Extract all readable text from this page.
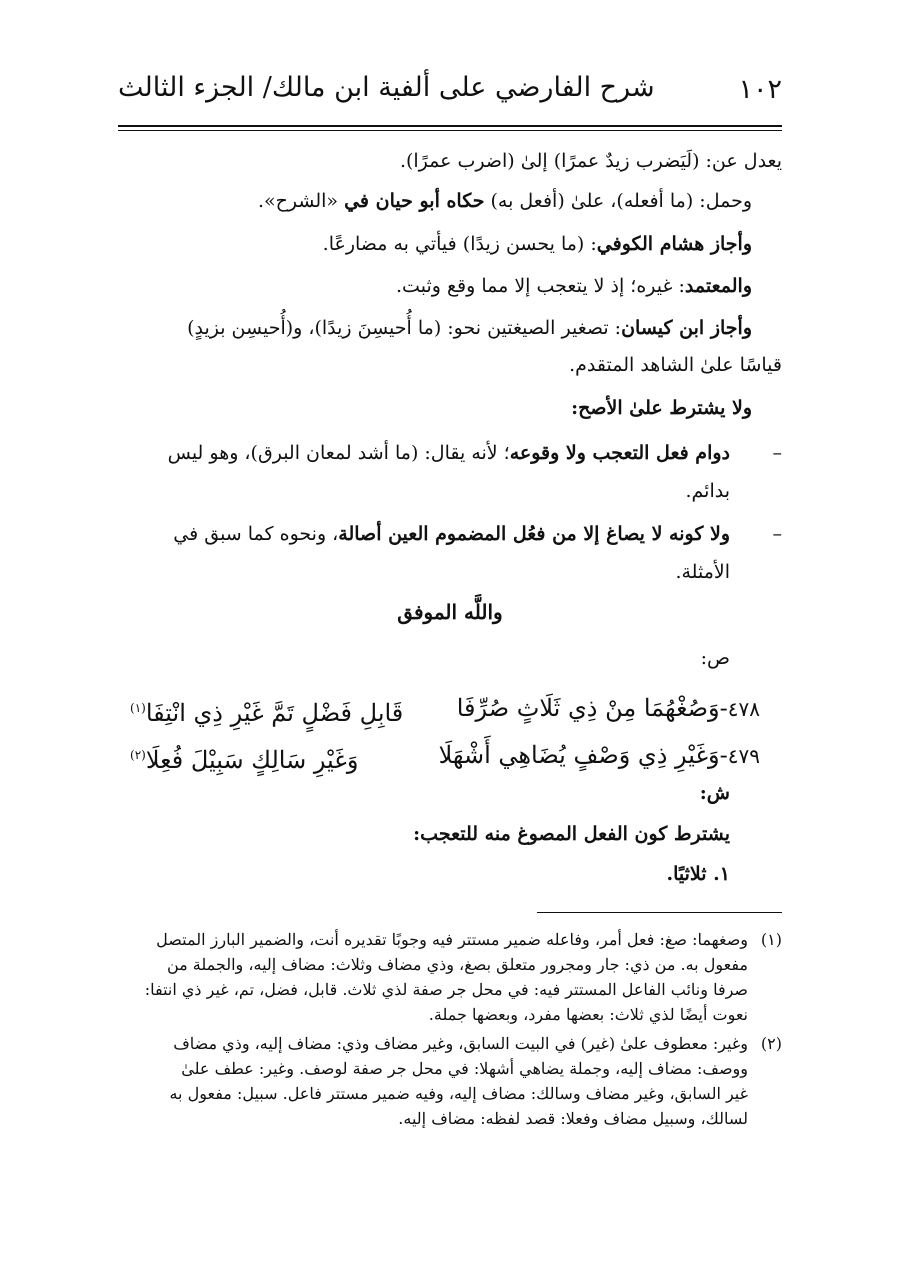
١٠٢
شرح الفارضي على ألفية ابن مالك/ الجزء الثالث
يعدل عن: (لَيَضرب زيدٌ عمرًا) إلىٰ (اضرب عمرًا).
وحمل: (ما أفعله)، علىٰ (أفعل به) حكاه أبو حيان في «الشرح».
وأجاز هشام الكوفي: (ما يحسن زيدًا) فيأتي به مضارعًا.
والمعتمد: غيره؛ إذ لا يتعجب إلا مما وقع وثبت.
وأجاز ابن كيسان: تصغير الصيغتين نحو: (ما أُحيسِنَ زيدًا)، و(أُحيسِن بزيدٍ)
قياسًا علىٰ الشاهد المتقدم.
ولا يشترط علىٰ الأصح:
–
دوام فعل التعجب ولا وقوعه؛ لأنه يقال: (ما أشد لمعان البرق)، وهو ليس
بدائم.
–
ولا كونه لا يصاغ إلا من فعُل المضموم العين أصالة، ونحوه كما سبق في
الأمثلة.
واللَّه الموفق
ص:
٤٧٨-وَصُغْهُمَا مِنْ ذِي ثَلَاثٍ صُرِّفَا
قَابِلِ فَضْلٍ تَمَّ غَيْرِ ذِي انْتِفَا$^{(١)}$
٤٧٩-وَغَيْرِ ذِي وَصْفٍ يُضَاهِي أَشْهَلَا
وَغَيْرِ سَالِكٍ سَبِيْلَ فُعِلَا$^{(٢)}$
ش:
يشترط كون الفعل المصوغ منه للتعجب:
١. ثلاثيًا.
(١)
وصغهما: صغ: فعل أمر، وفاعله ضمير مستتر فيه وجوبًا تقديره أنت، والضمير البارز المتصل
مفعول به. من ذي: جار ومجرور متعلق بصغ، وذي مضاف وثلاث: مضاف إليه، والجملة من
صرفا ونائب الفاعل المستتر فيه: في محل جر صفة لذي ثلاث. قابل، فضل، تم، غير ذي انتفا:
نعوت أيضًا لذي ثلاث: بعضها مفرد، وبعضها جملة.
(٢)
وغير: معطوف علىٰ (غير) في البيت السابق، وغير مضاف وذي: مضاف إليه، وذي مضاف
ووصف: مضاف إليه، وجملة يضاهي أشهلا: في محل جر صفة لوصف. وغير: عطف علىٰ
غير السابق، وغير مضاف وسالك: مضاف إليه، وفيه ضمير مستتر فاعل. سبيل: مفعول به
لسالك، وسبيل مضاف وفعلا: قصد لفظه: مضاف إليه.
